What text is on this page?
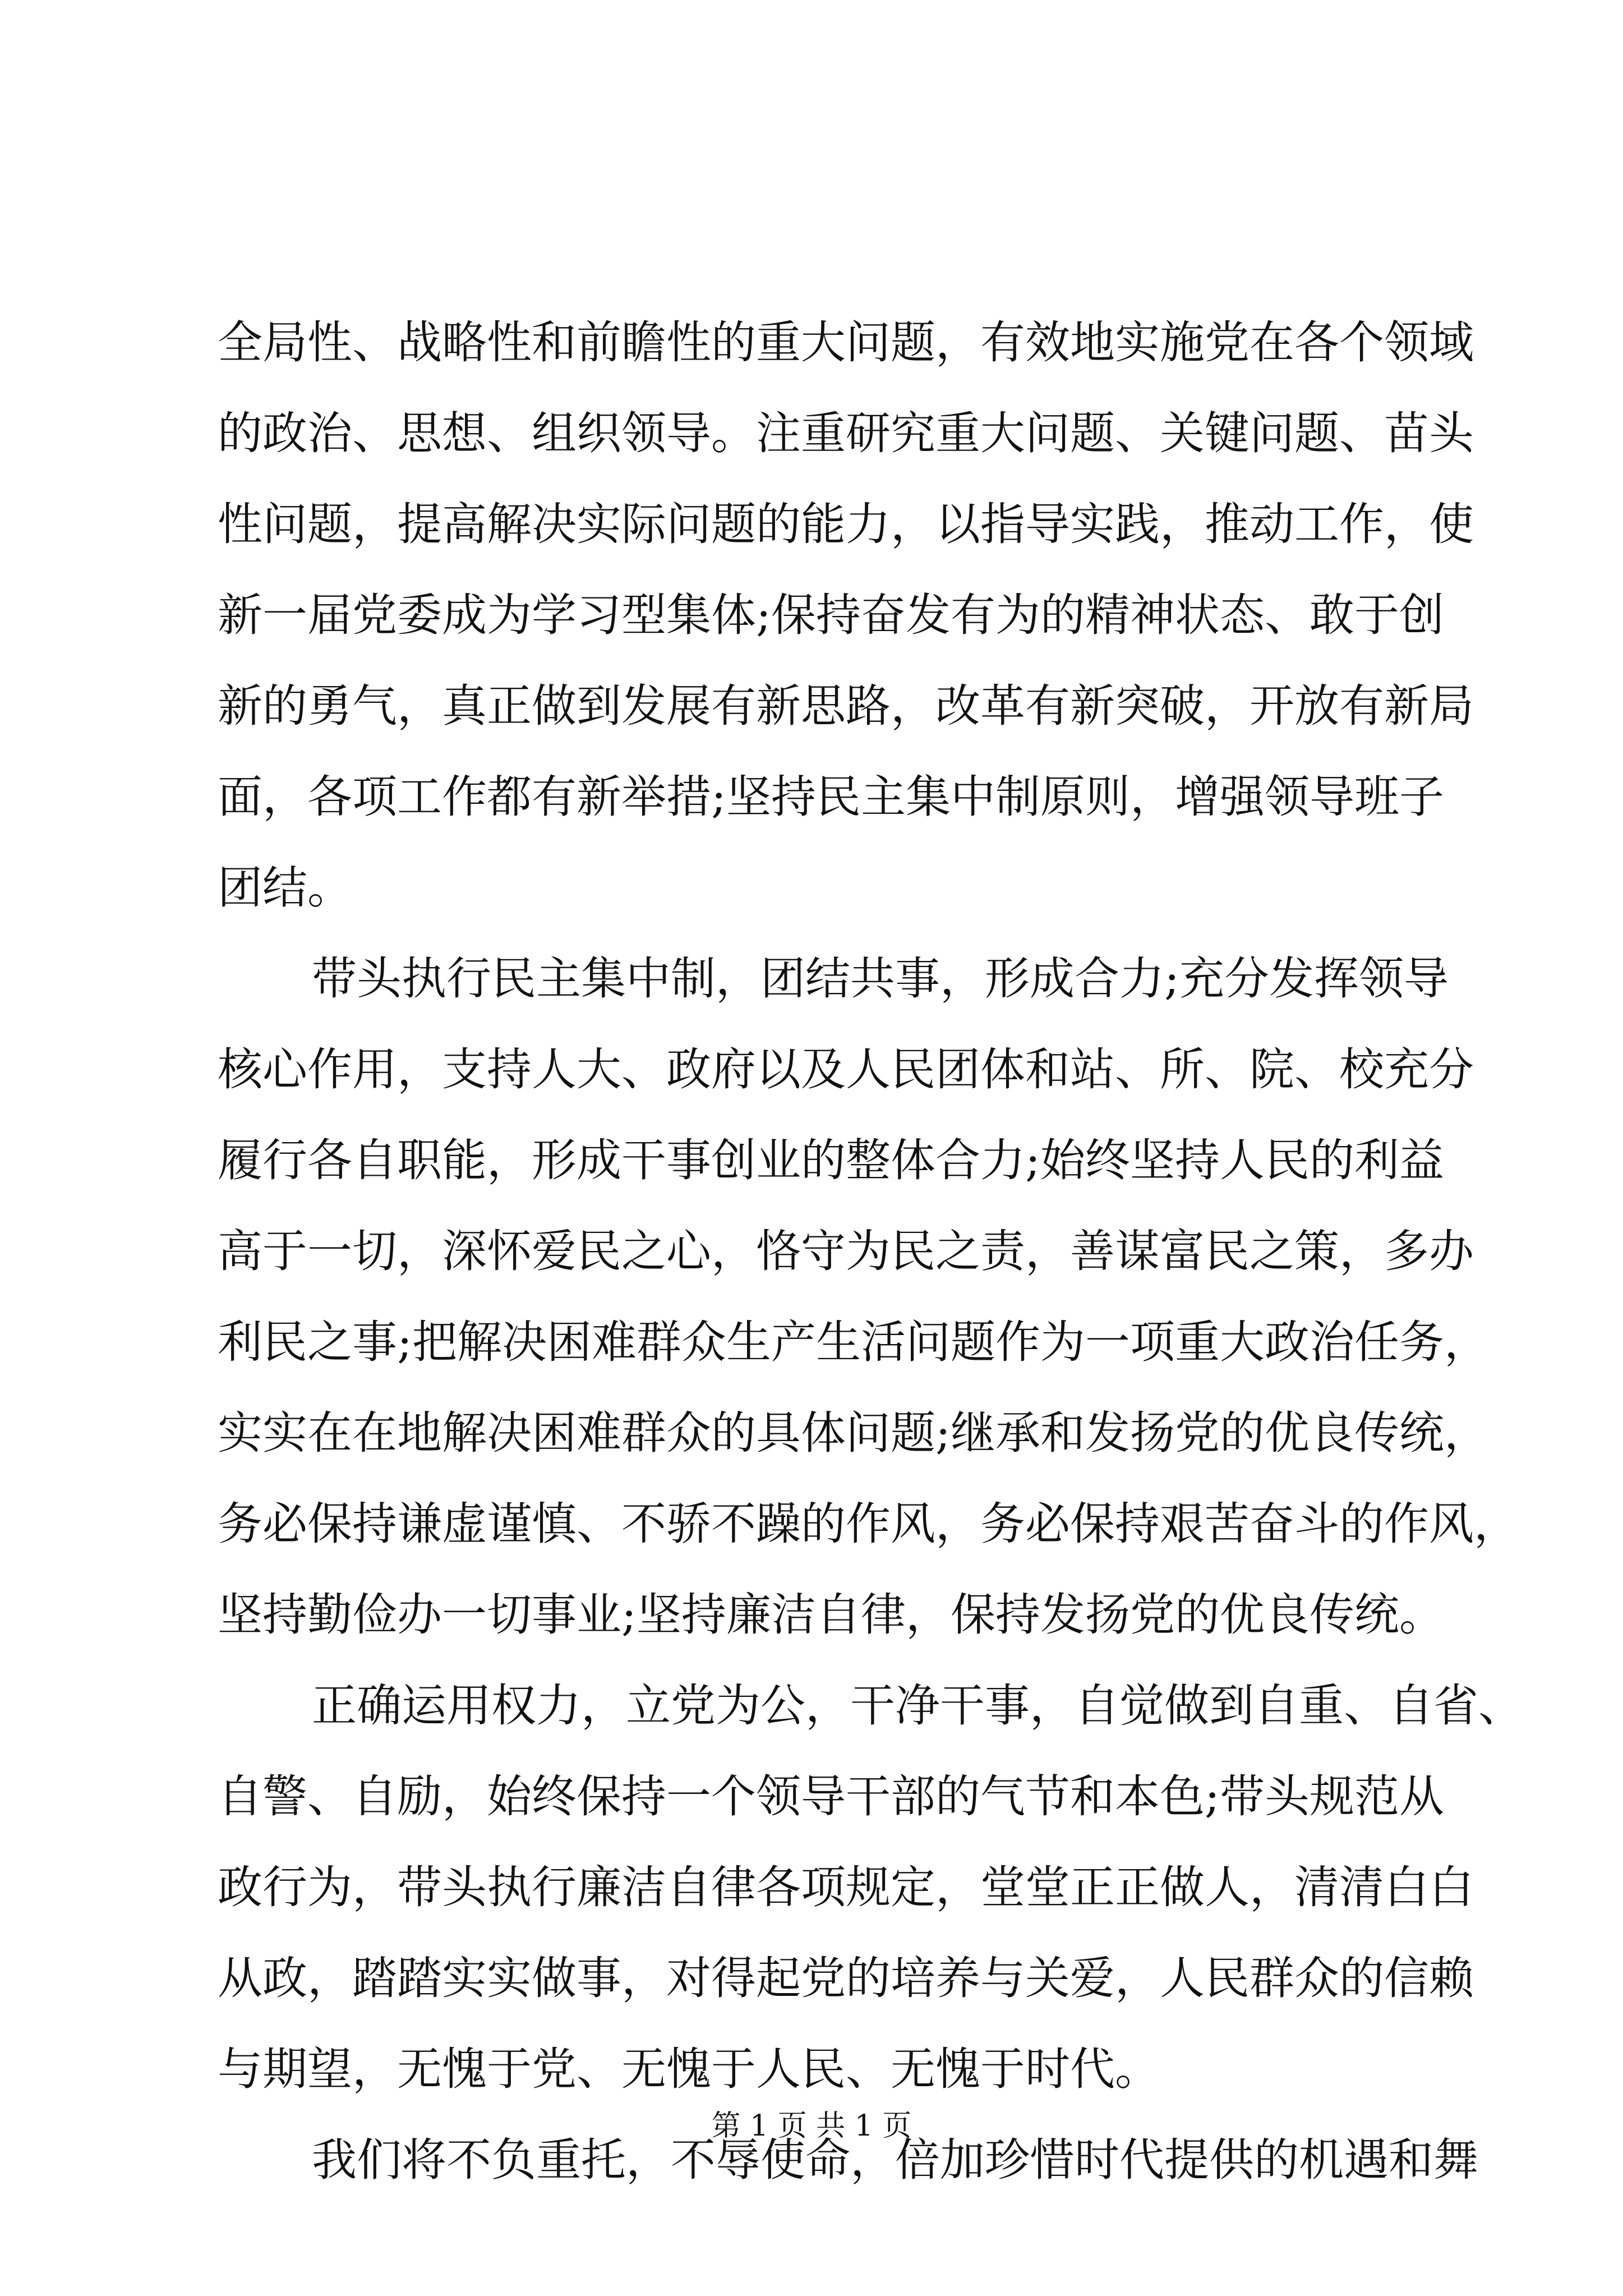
全局性、战略性和前瞻性的重大问题，有效地实施党在各个领域
的政治、思想、组织领导。注重研究重大问题、关键问题、苗头
性问题，提高解决实际问题的能力，以指导实践，推动工作，使
新一届党委成为学习型集体;保持奋发有为的精神状态、敢于创
新的勇气，真正做到发展有新思路，改革有新突破，开放有新局
面，各项工作都有新举措;坚持民主集中制原则，增强领导班子
团结。
带头执行民主集中制，团结共事，形成合力;充分发挥领导
核心作用，支持人大、政府以及人民团体和站、所、院、校充分
履行各自职能，形成干事创业的整体合力;始终坚持人民的利益
高于一切，深怀爱民之心，恪守为民之责，善谋富民之策，多办
利民之事;把解决困难群众生产生活问题作为一项重大政治任务，
实实在在地解决困难群众的具体问题;继承和发扬党的优良传统，
务必保持谦虚谨慎、不骄不躁的作风，务必保持艰苦奋斗的作风，
坚持勤俭办一切事业;坚持廉洁自律，保持发扬党的优良传统。
正确运用权力，立党为公，干净干事，自觉做到自重、自省、
自警、自励，始终保持一个领导干部的气节和本色;带头规范从
政行为，带头执行廉洁自律各项规定，堂堂正正做人，清清白白
从政，踏踏实实做事，对得起党的培养与关爱，人民群众的信赖
与期望，无愧于党、无愧于人民、无愧于时代。
我们将不负重托，不辱使命，倍加珍惜时代提供的机遇和舞
第 1 页 共 1 页
